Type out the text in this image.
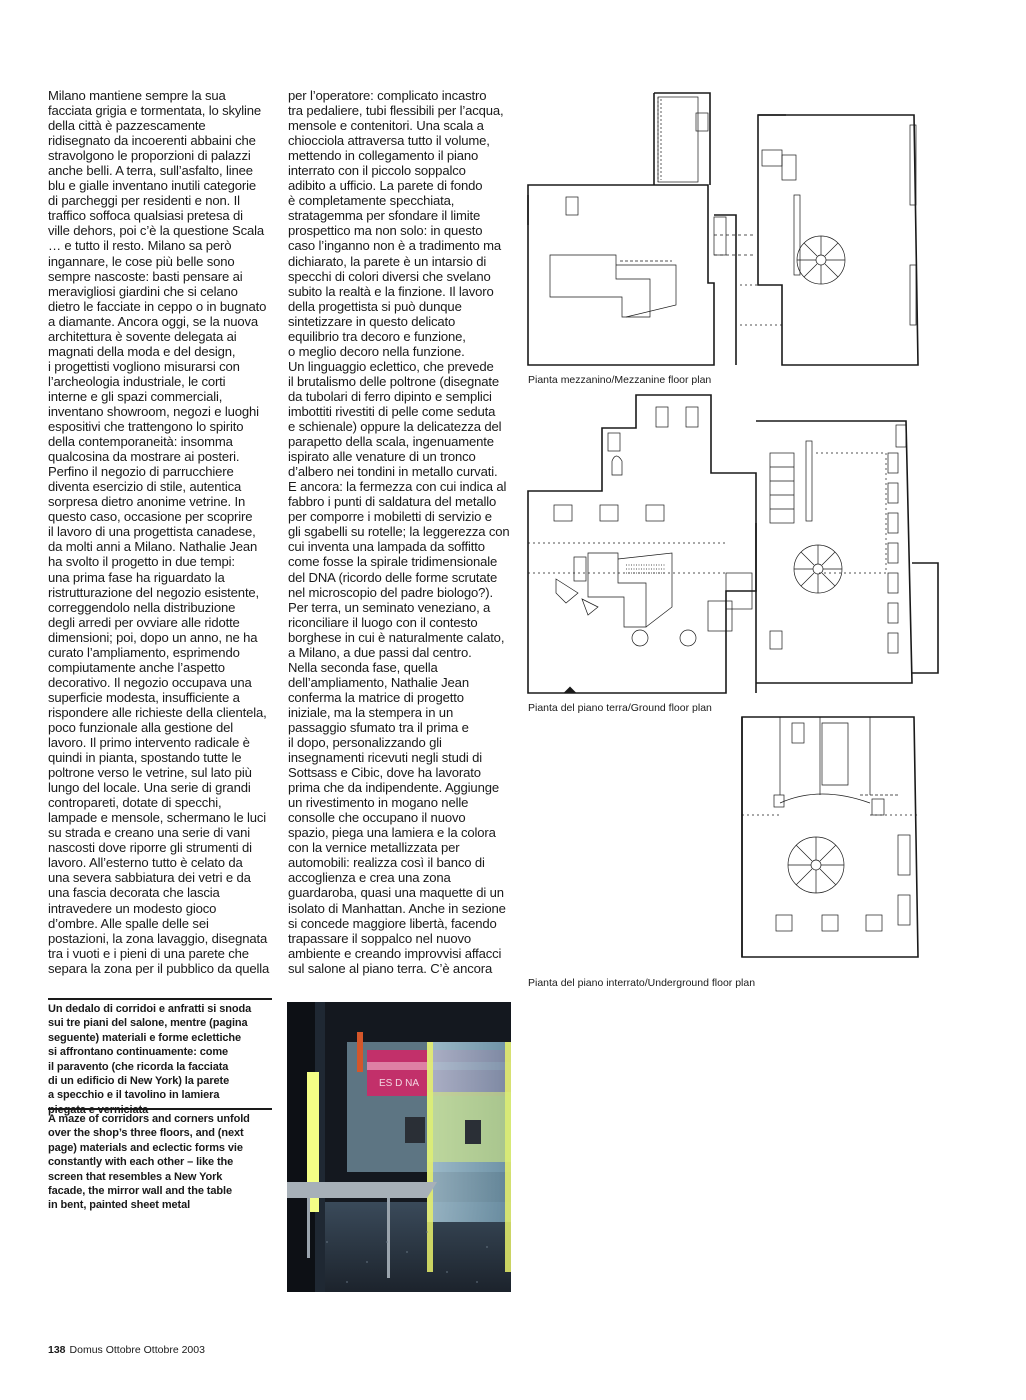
Milano mantiene sempre la sua
facciata grigia e tormentata, lo skyline
della città è pazzescamente
ridisegnato da incoerenti abbaini che
stravolgono le proporzioni di palazzi
anche belli. A terra, sull’asfalto, linee
blu e gialle inventano inutili categorie
di parcheggi per residenti e non. Il
traffico soffoca qualsiasi pretesa di
ville dehors, poi c’è la questione Scala
… e tutto il resto. Milano sa però
ingannare, le cose più belle sono
sempre nascoste: basti pensare ai
meravigliosi giardini che si celano
dietro le facciate in ceppo o in bugnato
a diamante. Ancora oggi, se la nuova
architettura è sovente delegata ai
magnati della moda e del design,
i progettisti vogliono misurarsi con
l’archeologia industriale, le corti
interne e gli spazi commerciali,
inventano showroom, negozi e luoghi
espositivi che trattengono lo spirito
della contemporaneità: insomma
qualcosina da mostrare ai posteri.
Perfino il negozio di parrucchiere
diventa esercizio di stile, autentica
sorpresa dietro anonime vetrine. In
questo caso, occasione per scoprire
il lavoro di una progettista canadese,
da molti anni a Milano. Nathalie Jean
ha svolto il progetto in due tempi:
una prima fase ha riguardato la
ristrutturazione del negozio esistente,
correggendolo nella distribuzione
degli arredi per ovviare alle ridotte
dimensioni; poi, dopo un anno, ne ha
curato l’ampliamento, esprimendo
compiutamente anche l’aspetto
decorativo. Il negozio occupava una
superficie modesta, insufficiente a
rispondere alle richieste della clientela,
poco funzionale alla gestione del
lavoro. Il primo intervento radicale è
quindi in pianta, spostando tutte le
poltrone verso le vetrine, sul lato più
lungo del locale. Una serie di grandi
contropareti, dotate di specchi,
lampade e mensole, schermano le luci
su strada e creano una serie di vani
nascosti dove riporre gli strumenti di
lavoro. All’esterno tutto è celato da
una severa sabbiatura dei vetri e da
una fascia decorata che lascia
intravedere un modesto gioco
d’ombre. Alle spalle delle sei
postazioni, la zona lavaggio, disegnata
tra i vuoti e i pieni di una parete che
separa la zona per il pubblico da quella

per l’operatore: complicato incastro
tra pedaliere, tubi flessibili per l’acqua,
mensole e contenitori. Una scala a
chiocciola attraversa tutto il volume,
mettendo in collegamento il piano
interrato con il piccolo soppalco
adibito a ufficio. La parete di fondo
è completamente specchiata,
stratagemma per sfondare il limite
prospettico ma non solo: in questo
caso l’inganno non è a tradimento ma
dichiarato, la parete è un intarsio di
specchi di colori diversi che svelano
subito la realtà e la finzione. Il lavoro
della progettista si può dunque
sintetizzare in questo delicato
equilibrio tra decoro e funzione,
o meglio decoro nella funzione.
Un linguaggio eclettico, che prevede
il brutalismo delle poltrone (disegnate
da tubolari di ferro dipinto e semplici
imbottiti rivestiti di pelle come seduta
e schienale) oppure la delicatezza del
parapetto della scala, ingenuamente
ispirato alle venature di un tronco
d’albero nei tondini in metallo curvati.
E ancora: la fermezza con cui indica al
fabbro i punti di saldatura del metallo
per comporre i mobiletti di servizio e
gli sgabelli su rotelle; la leggerezza con
cui inventa una lampada da soffitto
come fosse la spirale tridimensionale
del DNA (ricordo delle forme scrutate
nel microscopio del padre biologo?).
Per terra, un seminato veneziano, a
riconciliare il luogo con il contesto
borghese in cui è naturalmente calato,
a Milano, a due passi dal centro.
Nella seconda fase, quella
dell’ampliamento, Nathalie Jean
conferma la matrice di progetto
iniziale, ma la stempera in un
passaggio sfumato tra il prima e
il dopo, personalizzando gli
insegnamenti ricevuti negli studi di
Sottsass e Cibic, dove ha lavorato
prima che da indipendente. Aggiunge
un rivestimento in mogano nelle
consolle che occupano il nuovo
spazio, piega una lamiera e la colora
con la vernice metallizzata per
automobili: realizza così il banco di
accoglienza e crea una zona
guardaroba, quasi una maquette di un
isolato di Manhattan. Anche in sezione
si concede maggiore libertà, facendo
trapassare il soppalco nel nuovo
ambiente e creando improvvisi affacci
sul salone al piano terra. C’è ancora

Un dedalo di corridoi e anfratti si snoda
sui tre piani del salone, mentre (pagina
seguente) materiali e forme eclettiche
si affrontano continuamente: come
il paravento (che ricorda la facciata
di un edificio di New York) la parete
a specchio e il tavolino in lamiera
piegata e verniciata

A maze of corridors and corners unfold
over the shop’s three floors, and (next
page) materials and eclectic forms vie
constantly with each other – like the
screen that resembles a New York
facade, the mirror wall and the table
in bent, painted sheet metal

ES D NA
Pianta mezzanino/Mezzanine floor plan
Pianta del piano terra/Ground floor plan
Pianta del piano interrato/Underground floor plan
138 Domus Ottobre Ottobre 2003
